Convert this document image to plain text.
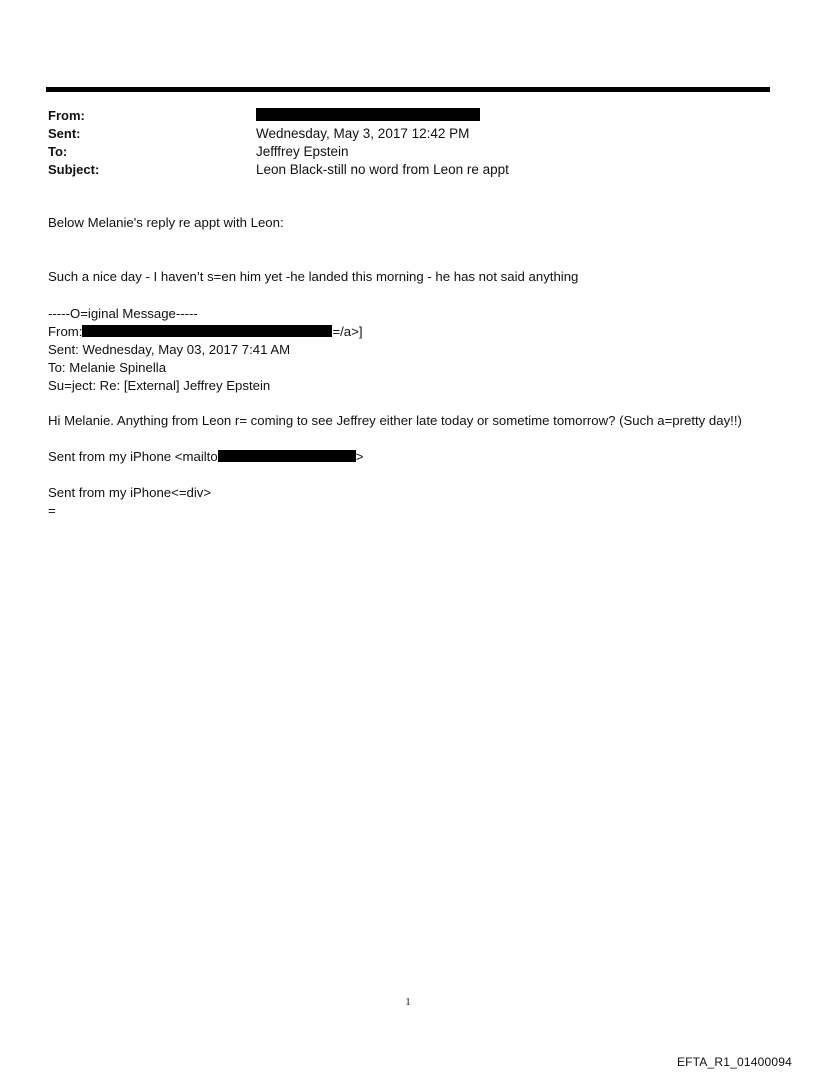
From:
Sent:	Wednesday, May 3, 2017 12:42 PM
To:	Jefffrey Epstein
Subject:	Leon Black-still no word from Leon re appt
Below Melanie's reply re appt with Leon:
Such a nice day - I haven’t s=en him yet -he landed this morning - he has not said anything
-----O=iginal Message-----
From:	=/a>]
Sent: Wednesday, May 03, 2017 7:41 AM
To: Melanie Spinella
Su=ject: Re: [External] Jeffrey Epstein
Hi Melanie. Anything from Leon r= coming to see Jeffrey either late today or sometime tomorrow? (Such a=pretty day!!)
Sent from my iPhone <mailto	>
Sent from my iPhone<=div>
=
1
EFTA_R1_01400094
